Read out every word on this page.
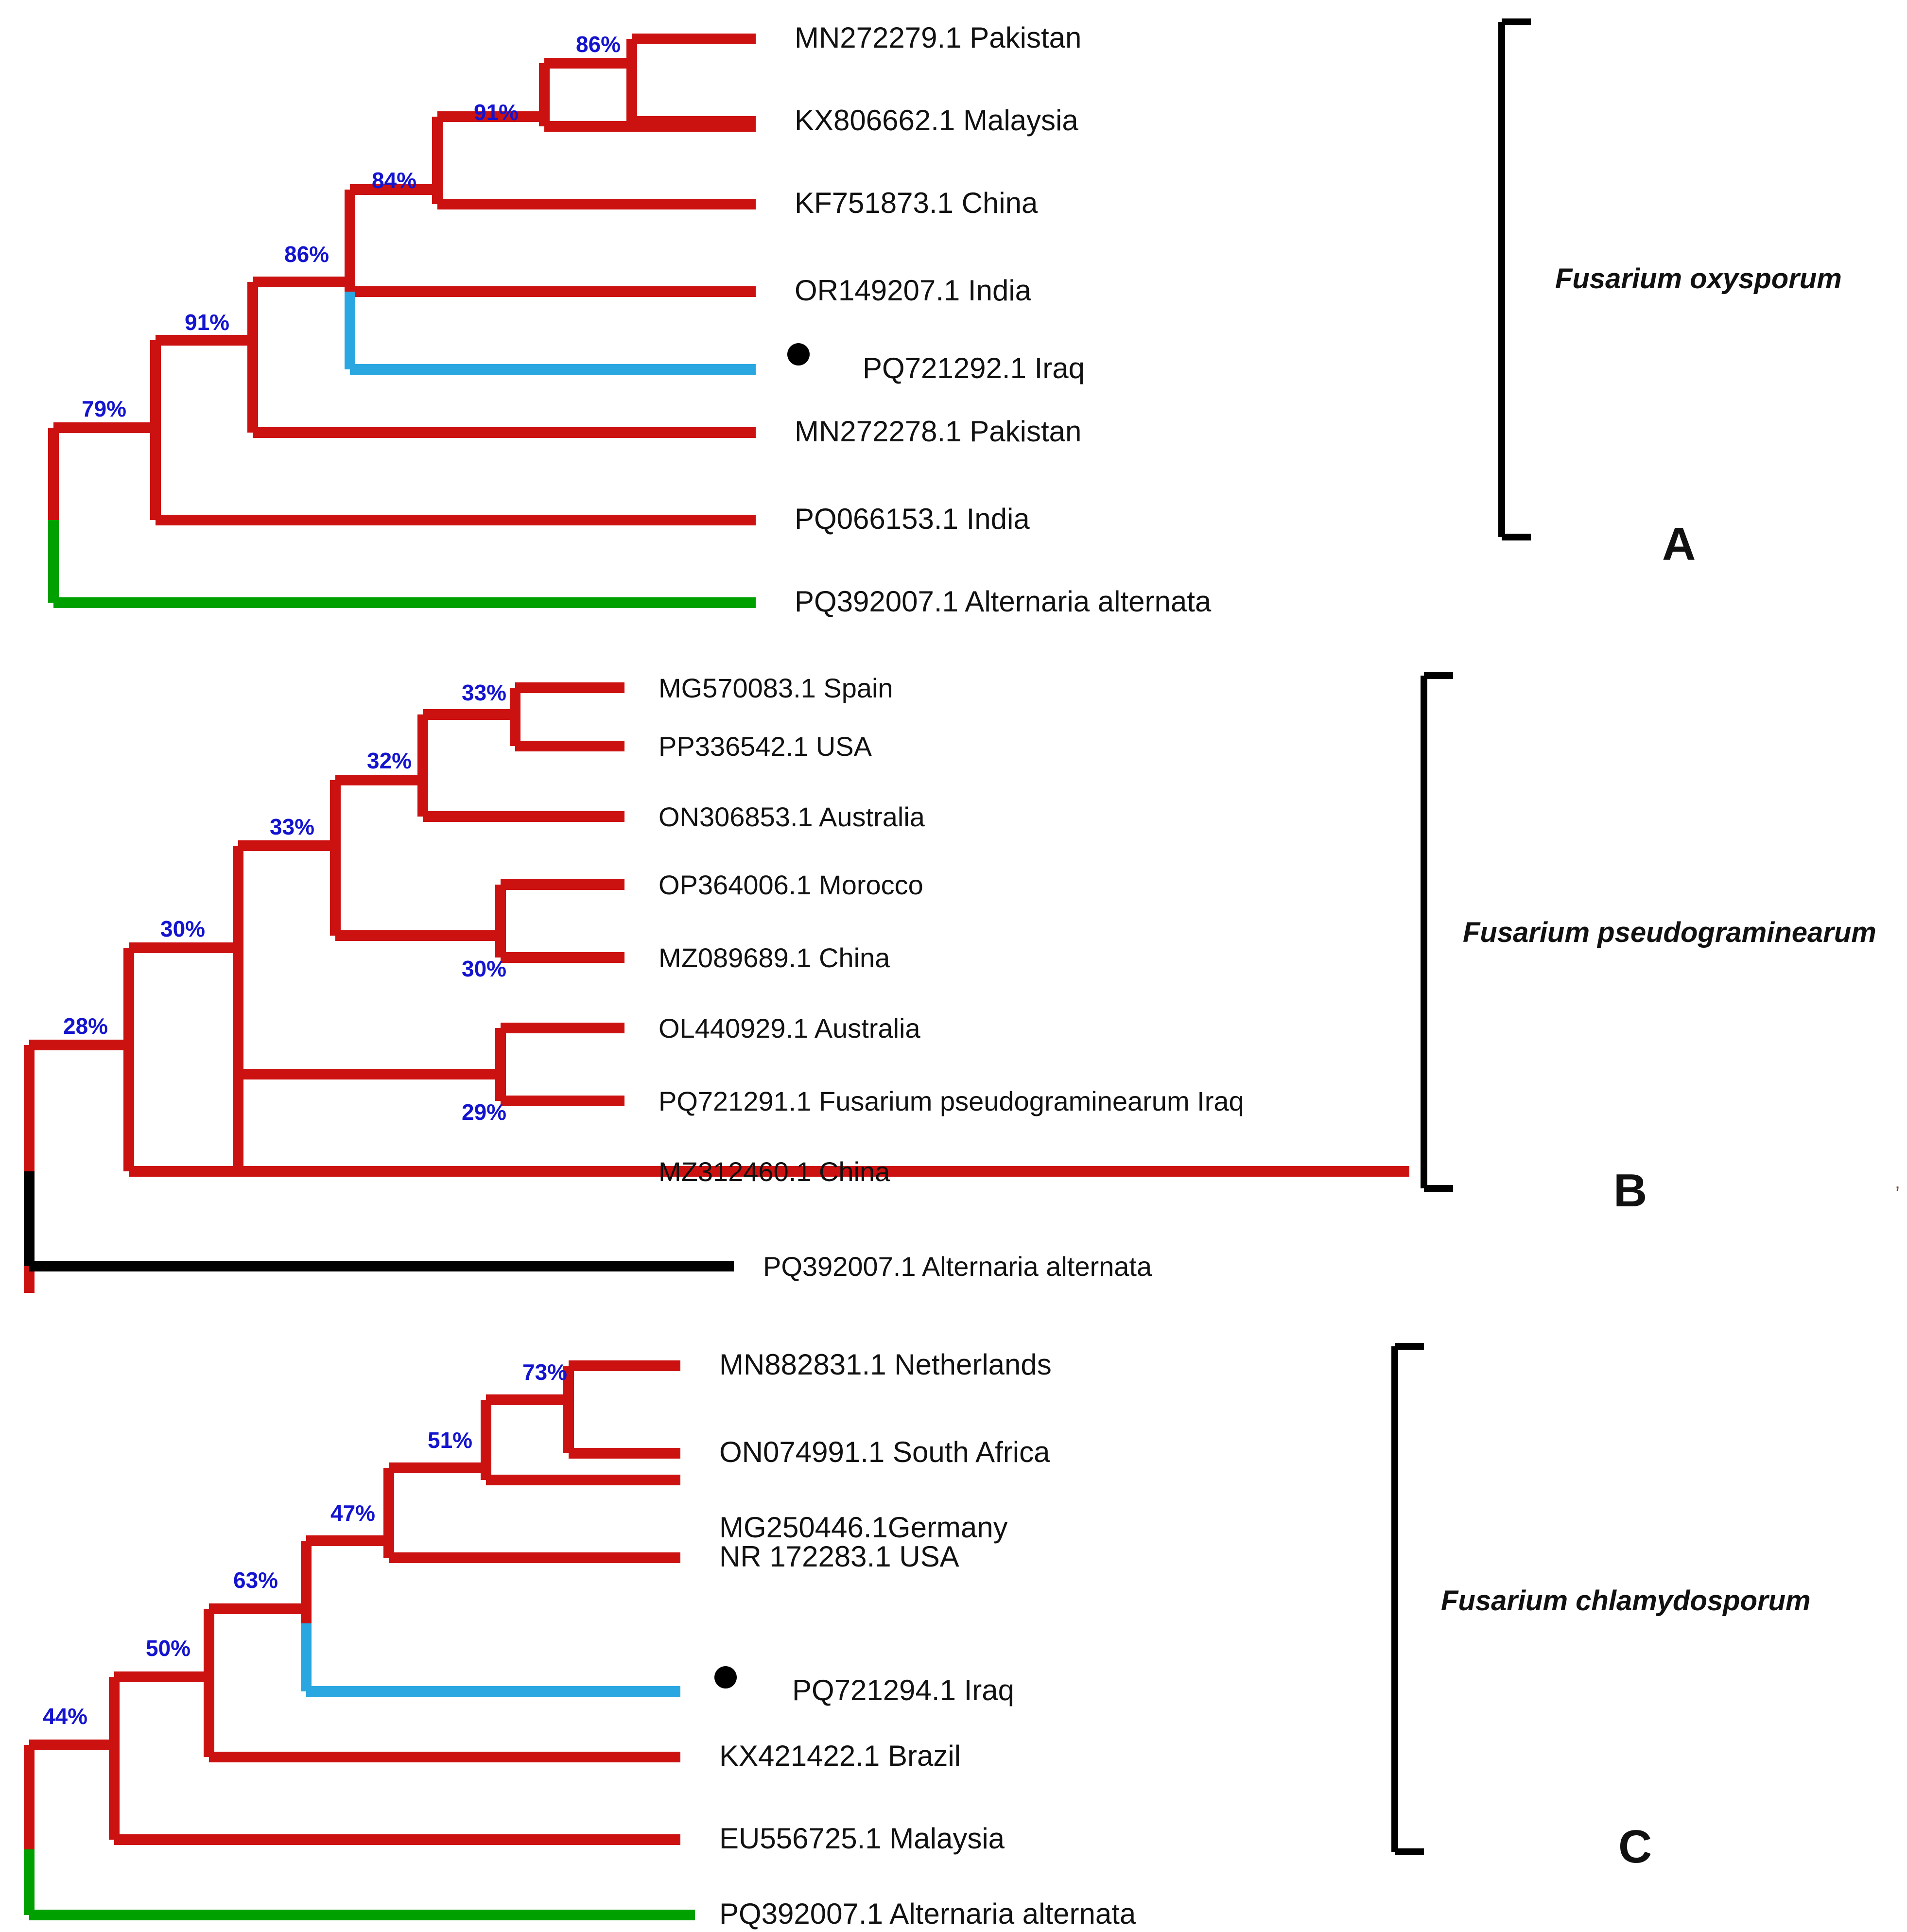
MN272279.1 Pakistan
KX806662.1 Malaysia
KF751873.1 China
OR149207.1 India
PQ721292.1 Iraq
MN272278.1 Pakistan
PQ066153.1 India
PQ392007.1 Alternaria alternata
86%
91%
84%
86%
91%
79%
Fusarium oxysporum
A
MG570083.1 Spain
PP336542.1 USA
ON306853.1 Australia
OP364006.1 Morocco
MZ089689.1 China
OL440929.1 Australia
PQ721291.1 Fusarium pseudograminearum Iraq
MZ312460.1 China
PQ392007.1 Alternaria alternata
33%
32%
33%
30%
30%
29%
28%
Fusarium pseudograminearum
B	‚
MN882831.1 Netherlands
ON074991.1 South Africa
MG250446.1Germany
NR 172283.1 USA
PQ721294.1 Iraq
KX421422.1 Brazil
EU556725.1 Malaysia
PQ392007.1 Alternaria alternata
73%
51%
47%
63%
50%
44%
Fusarium chlamydosporum
C
